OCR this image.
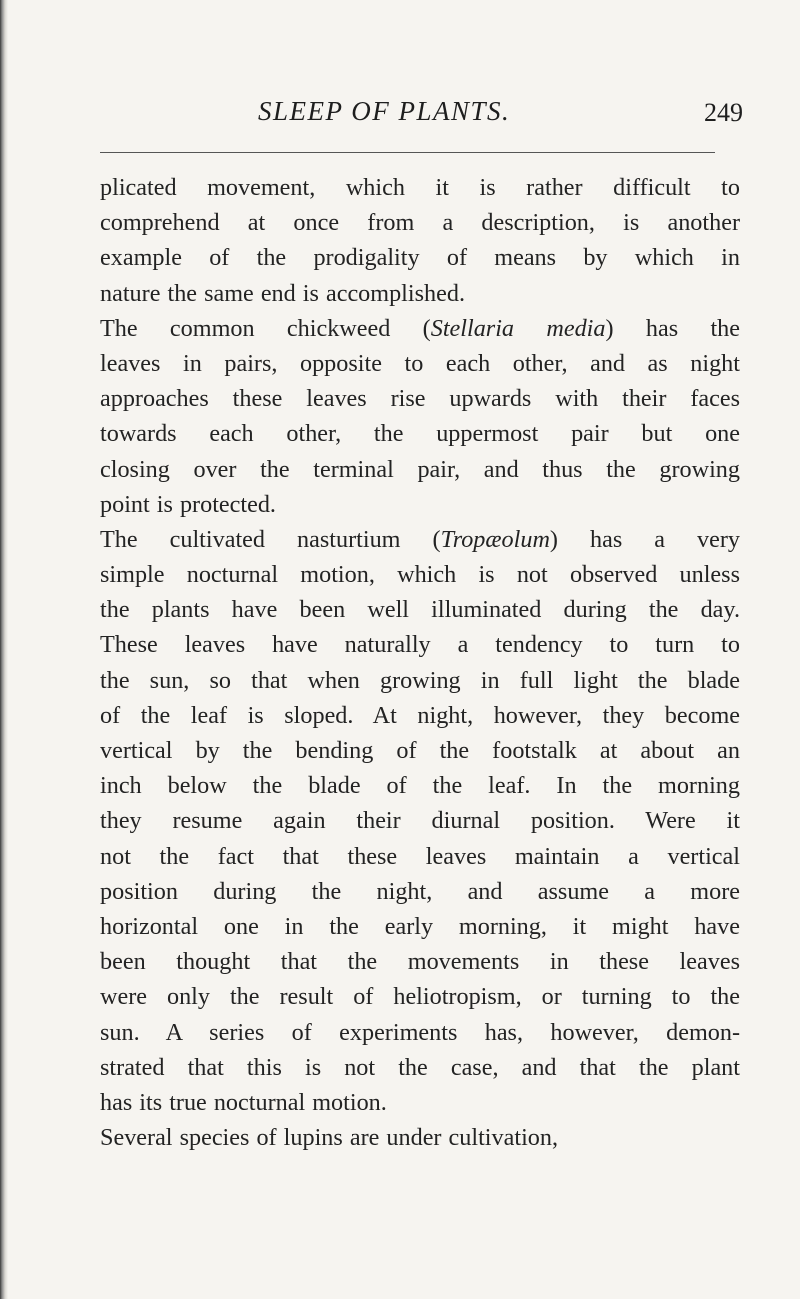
SLEEP OF PLANTS.	249
plicated movement, which it is rather difficult to
comprehend at once from a description, is another
example of the prodigality of means by which in
nature the same end is accomplished.
The common chickweed (Stellaria media) has the
leaves in pairs, opposite to each other, and as night
approaches these leaves rise upwards with their faces
towards each other, the uppermost pair but one
closing over the terminal pair, and thus the growing
point is protected.
The cultivated nasturtium (Tropæolum) has a very
simple nocturnal motion, which is not observed unless
the plants have been well illuminated during the day.
These leaves have naturally a tendency to turn to
the sun, so that when growing in full light the blade
of the leaf is sloped. At night, however, they become
vertical by the bending of the footstalk at about an
inch below the blade of the leaf. In the morning
they resume again their diurnal position. Were it
not the fact that these leaves maintain a vertical
position during the night, and assume a more
horizontal one in the early morning, it might have
been thought that the movements in these leaves
were only the result of heliotropism, or turning to the
sun. A series of experiments has, however, demon-
strated that this is not the case, and that the plant
has its true nocturnal motion.
Several species of lupins are under cultivation,
